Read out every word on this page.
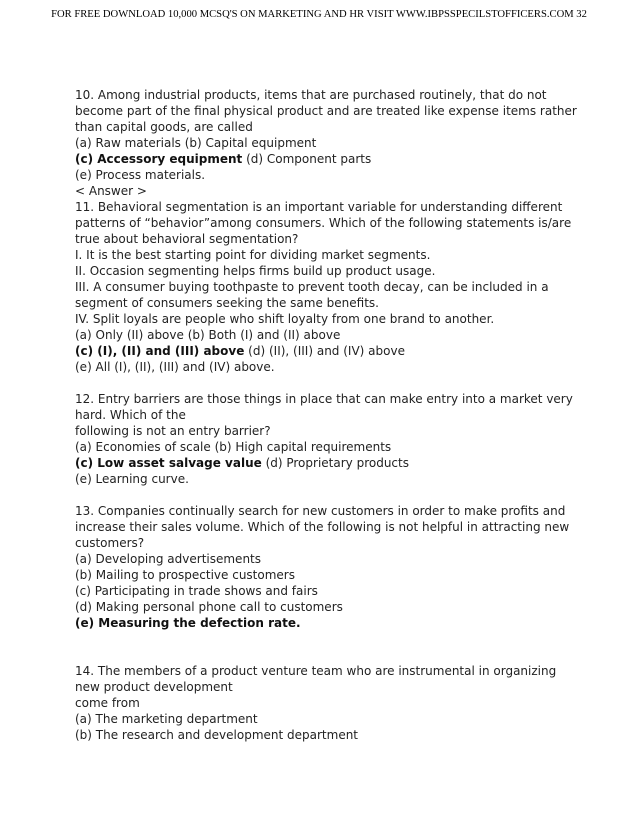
FOR FREE DOWNLOAD 10,000 MCSQ'S ON MARKETING AND HR VISIT WWW.IBPSSPECILSTOFFICERS.COM 32
10. Among industrial products, items that are purchased routinely, that do not
become part of the final physical product and are treated like expense items rather
than capital goods, are called
(a) Raw materials (b) Capital equipment
(c) Accessory equipment (d) Component parts
(e) Process materials.
< Answer >
11. Behavioral segmentation is an important variable for understanding different
patterns of “behavior”among consumers. Which of the following statements is/are
true about behavioral segmentation?
I. It is the best starting point for dividing market segments.
II. Occasion segmenting helps firms build up product usage.
III. A consumer buying toothpaste to prevent tooth decay, can be included in a
segment of consumers seeking the same benefits.
IV. Split loyals are people who shift loyalty from one brand to another.
(a) Only (II) above (b) Both (I) and (II) above
(c) (I), (II) and (III) above (d) (II), (III) and (IV) above
(e) All (I), (II), (III) and (IV) above.
12. Entry barriers are those things in place that can make entry into a market very
hard. Which of the
following is not an entry barrier?
(a) Economies of scale (b) High capital requirements
(c) Low asset salvage value (d) Proprietary products
(e) Learning curve.
13. Companies continually search for new customers in order to make profits and
increase their sales volume. Which of the following is not helpful in attracting new
customers?
(a) Developing advertisements
(b) Mailing to prospective customers
(c) Participating in trade shows and fairs
(d) Making personal phone call to customers
(e) Measuring the defection rate.
14. The members of a product venture team who are instrumental in organizing
new product development
come from
(a) The marketing department
(b) The research and development department
